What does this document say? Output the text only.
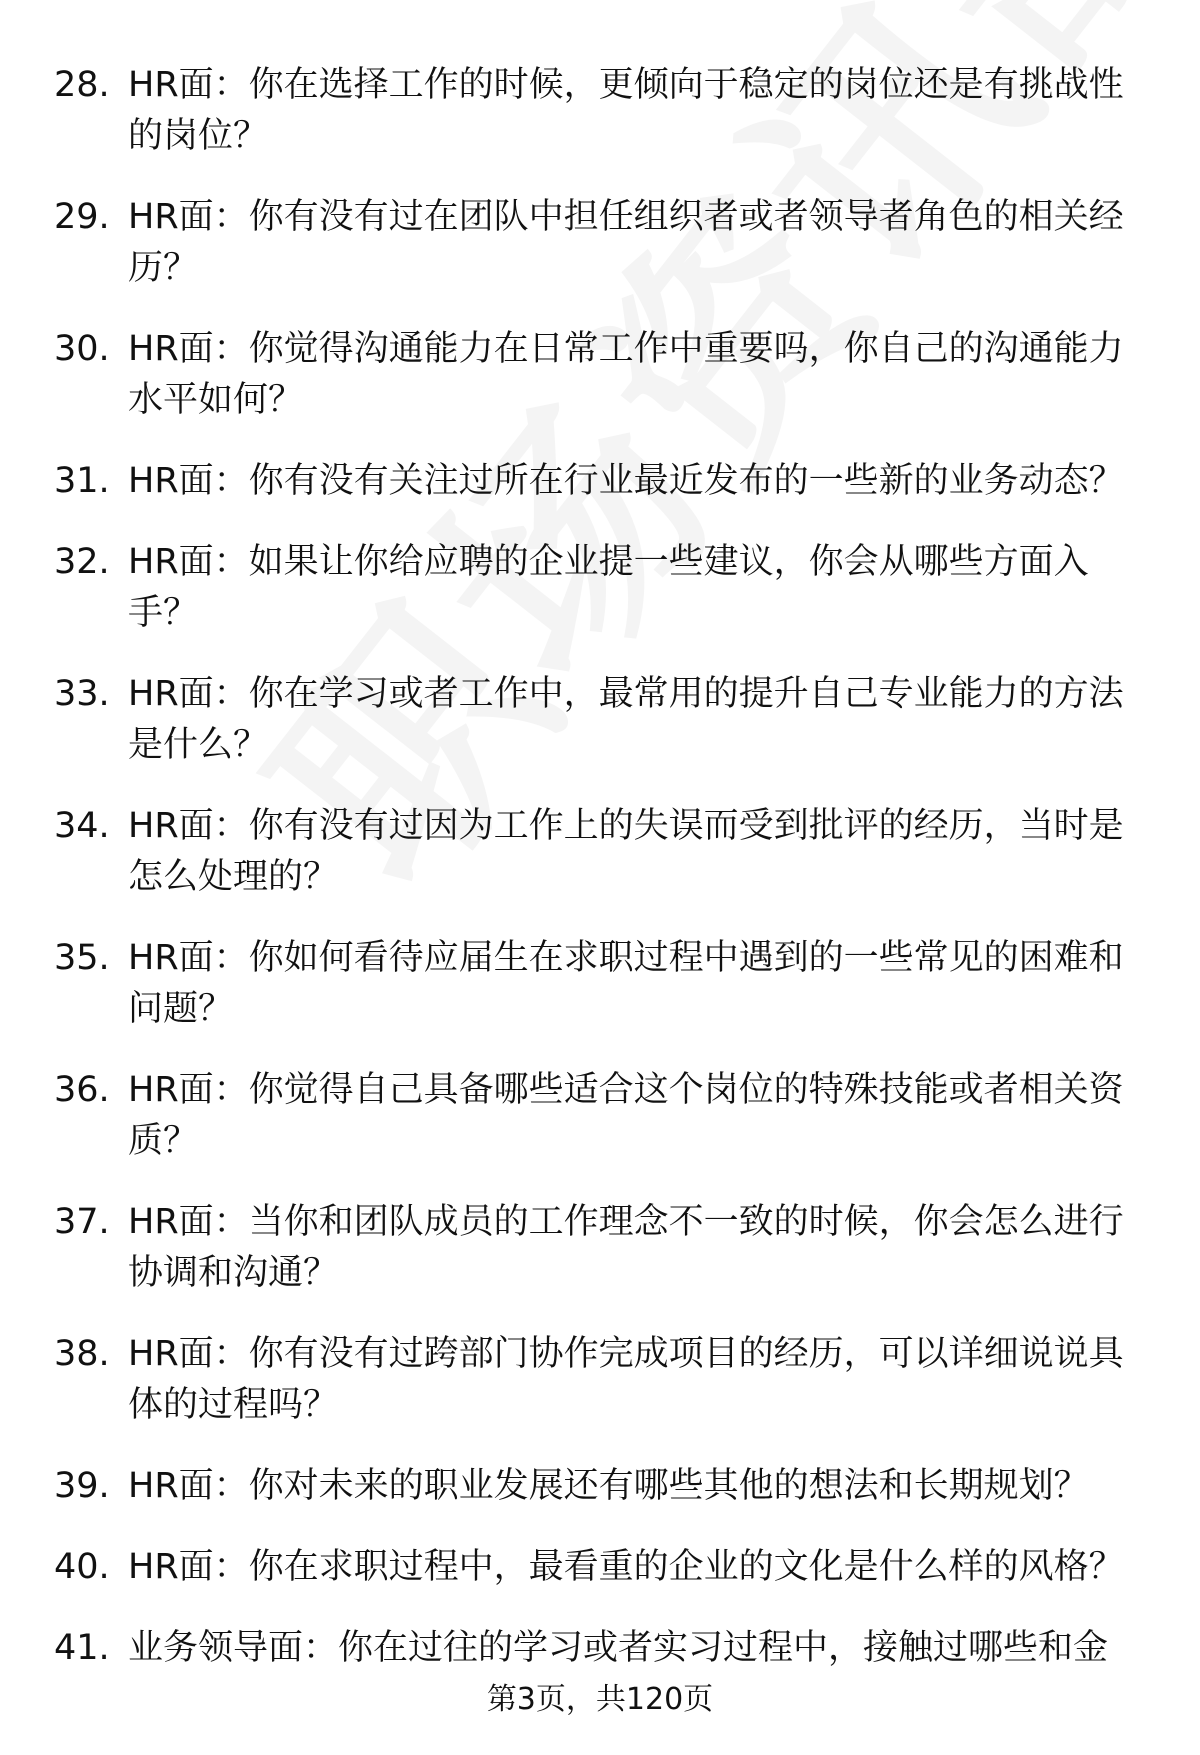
28. HR面：你在选择工作的时候，更倾向于稳定的岗位还是有挑战性的岗位？
29. HR面：你有没有过在团队中担任组织者或者领导者角色的相关经历？
30. HR面：你觉得沟通能力在日常工作中重要吗，你自己的沟通能力水平如何？
31. HR面：你有没有关注过所在行业最近发布的一些新的业务动态？
32. HR面：如果让你给应聘的企业提一些建议，你会从哪些方面入手？
33. HR面：你在学习或者工作中，最常用的提升自己专业能力的方法是什么？
34. HR面：你有没有过因为工作上的失误而受到批评的经历，当时是怎么处理的？
35. HR面：你如何看待应届生在求职过程中遇到的一些常见的困难和问题？
36. HR面：你觉得自己具备哪些适合这个岗位的特殊技能或者相关资质？
37. HR面：当你和团队成员的工作理念不一致的时候，你会怎么进行协调和沟通？
38. HR面：你有没有过跨部门协作完成项目的经历，可以详细说说具体的过程吗？
39. HR面：你对未来的职业发展还有哪些其他的想法和长期规划？
40. HR面：你在求职过程中，最看重的企业的文化是什么样的风格？
41. 业务领导面：你在过往的学习或者实习过程中，接触过哪些和金
第3页，共120页
